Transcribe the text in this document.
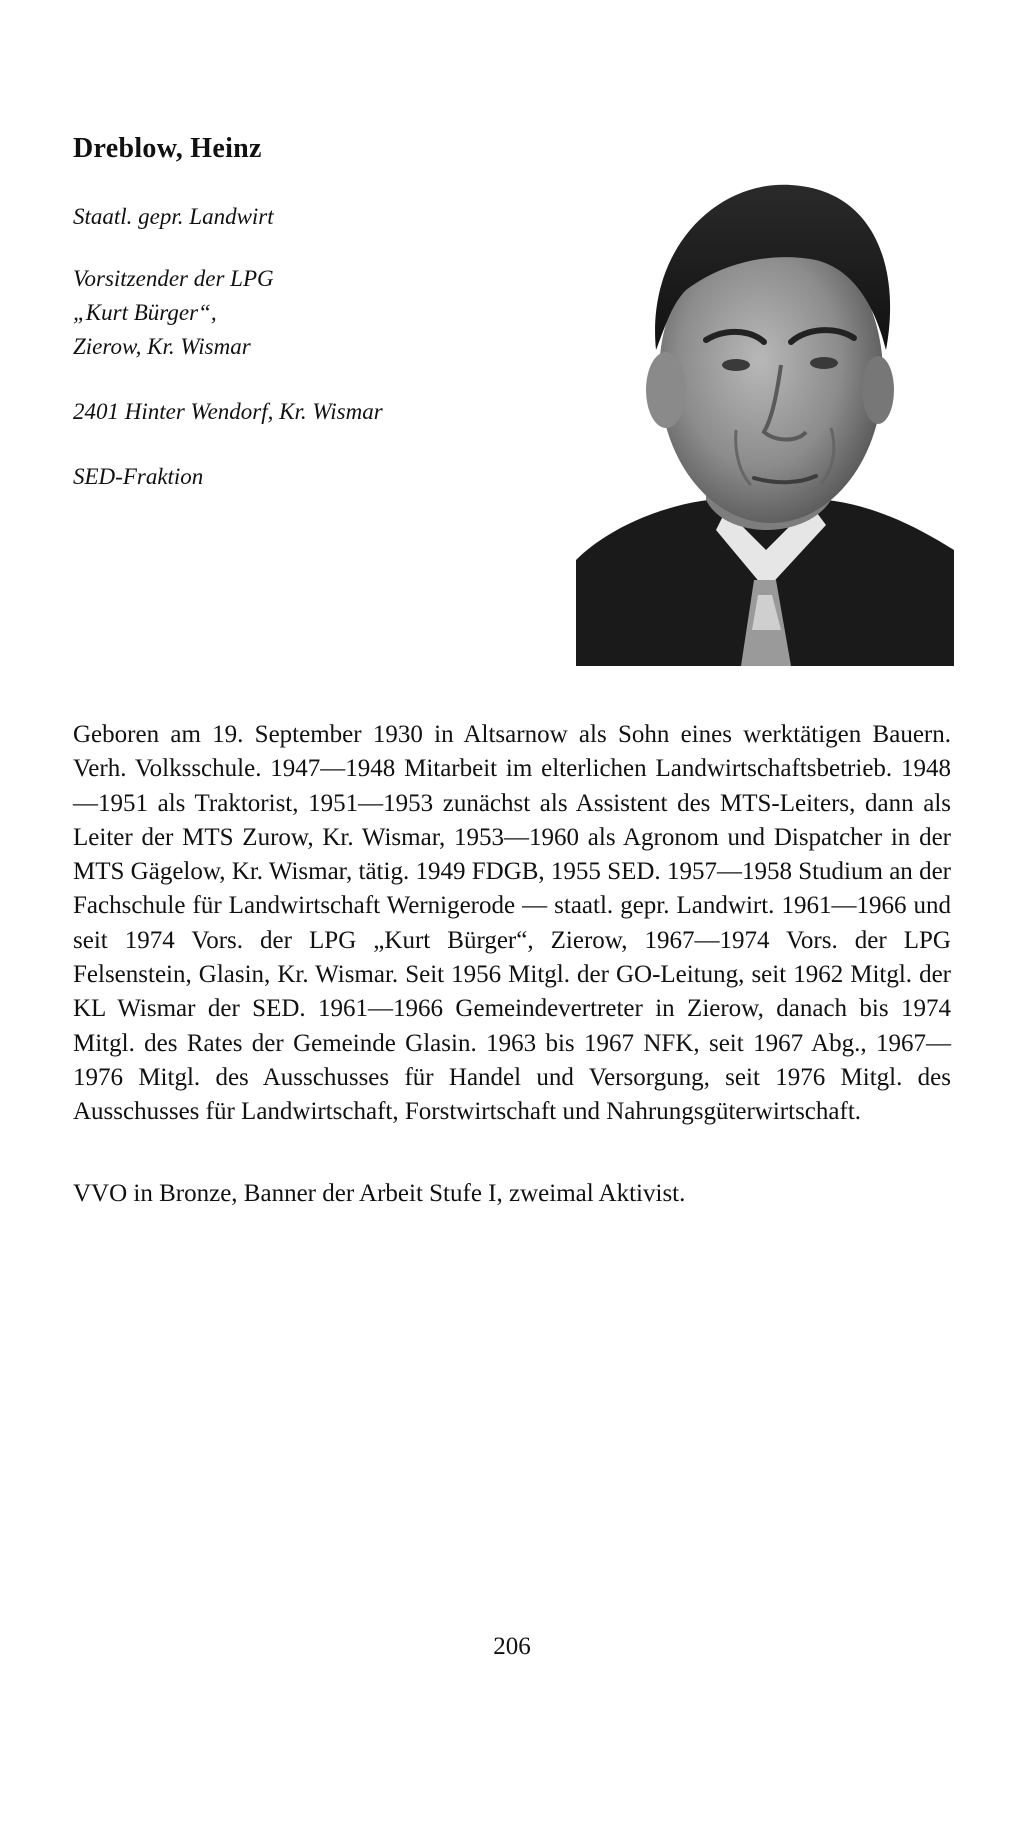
Dreblow, Heinz
Staatl. gepr. Landwirt
Vorsitzender der LPG
„Kurt Bürger“,
Zierow, Kr. Wismar
2401 Hinter Wendorf, Kr. Wismar
SED-Fraktion

Geboren am 19. September 1930 in Altsarnow als Sohn eines werktätigen Bauern. Verh. Volksschule. 1947—1948 Mitarbeit im elterlichen Landwirtschaftsbetrieb. 1948—1951 als Traktorist, 1951—1953 zunächst als Assistent des MTS-Leiters, dann als Leiter der MTS Zurow, Kr. Wismar, 1953—1960 als Agronom und Dispatcher in der MTS Gägelow, Kr. Wismar, tätig. 1949 FDGB, 1955 SED. 1957—1958 Studium an der Fachschule für Landwirtschaft Wernigerode — staatl. gepr. Landwirt. 1961—1966 und seit 1974 Vors. der LPG „Kurt Bürger“, Zierow, 1967—1974 Vors. der LPG Felsenstein, Glasin, Kr. Wismar. Seit 1956 Mitgl. der GO-Leitung, seit 1962 Mitgl. der KL Wismar der SED. 1961—1966 Gemeindevertreter in Zierow, danach bis 1974 Mitgl. des Rates der Gemeinde Glasin. 1963 bis 1967 NFK, seit 1967 Abg., 1967—1976 Mitgl. des Ausschusses für Handel und Versorgung, seit 1976 Mitgl. des Ausschusses für Landwirtschaft, Forstwirtschaft und Nahrungsgüterwirtschaft.

VVO in Bronze, Banner der Arbeit Stufe I, zweimal Aktivist.

206
